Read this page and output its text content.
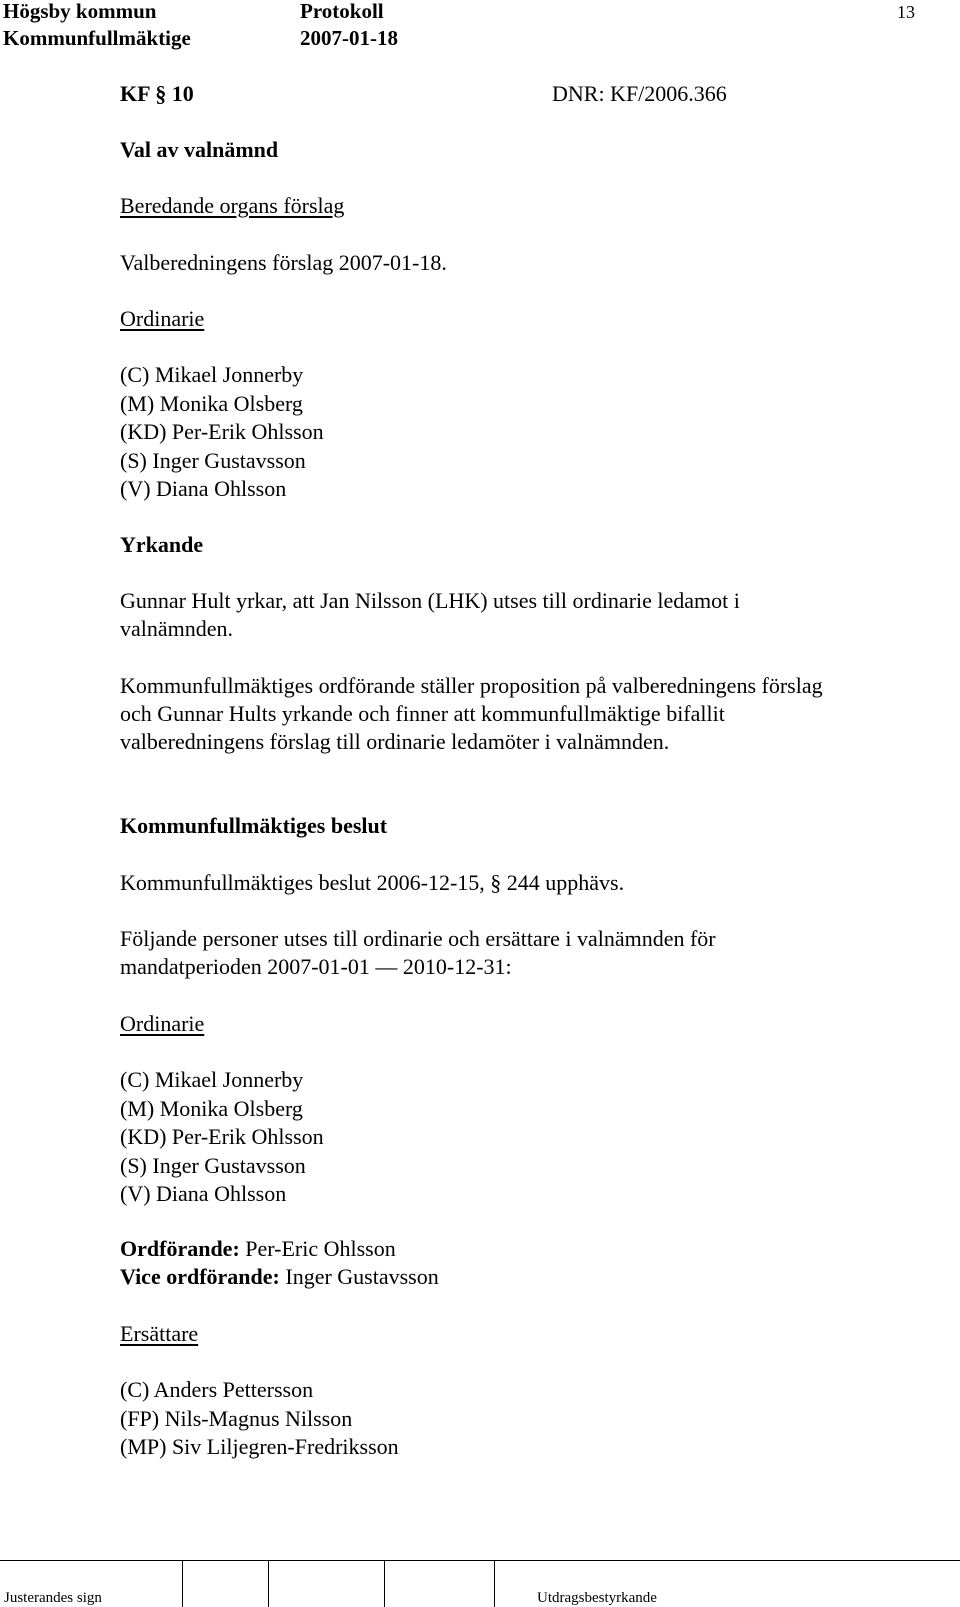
Högsby kommun	Protokoll
Kommunfullmäktige	2007-01-18
13
KF § 10	DNR: KF/2006.366
Val av valnämnd
Beredande organs förslag
Valberedningens förslag 2007-01-18.
Ordinarie
(C) Mikael Jonnerby
(M) Monika Olsberg
(KD) Per-Erik Ohlsson
(S) Inger Gustavsson
(V) Diana Ohlsson
Yrkande

Gunnar Hult yrkar, att Jan Nilsson (LHK) utses till ordinarie ledamot i valnämnden.

Kommunfullmäktiges ordförande ställer proposition på valberedningens förslag och Gunnar Hults yrkande och finner att kommunfullmäktige bifallit valberedningens förslag till ordinarie ledamöter i valnämnden.

Kommunfullmäktiges beslut
Kommunfullmäktiges beslut 2006-12-15, § 244 upphävs.

Följande personer utses till ordinarie och ersättare i valnämnden för mandatperioden 2007-01-01 — 2010-12-31:

Ordinarie
(C) Mikael Jonnerby
(M) Monika Olsberg
(KD) Per-Erik Ohlsson
(S) Inger Gustavsson
(V) Diana Ohlsson
Ordförande: Per-Eric Ohlsson
Vice ordförande: Inger Gustavsson
Ersättare
(C) Anders Pettersson
(FP) Nils-Magnus Nilsson
(MP) Siv Liljegren-Fredriksson
Justerandes sign	Utdragsbestyrkande
